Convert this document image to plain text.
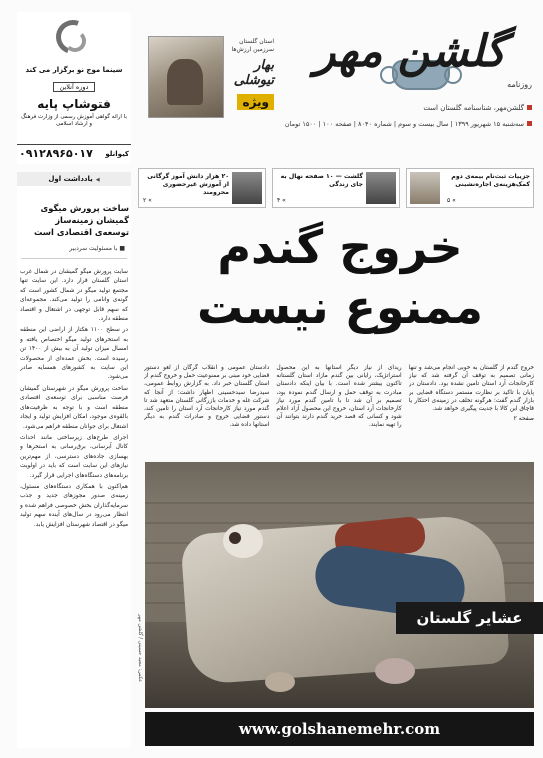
روزنامه
گلشن مهر
گلشن‌مهر، شناسنامه گلستان است
سه‌شنبه ۱۵ شهریور ۱۳۹۹ | سال بیست و سوم | شماره ۸۰۴۰ | صفحه ۱۰۰ | ۱۵۰۰ تومان
استان گلستان
سرزمین ارزش‌ها
بهار تیوشلی
ویژه
سینما موج نو برگزار می کند
دوره آنلاین
فتوشاپ پایه
با ارائه گواهی آموزش رسمی از وزارت فرهنگ و ارشاد اسلامی
کیوانلو
۰۹۱۲۸۹۶۵۰۱۷
۲۰ هزار دانش آموز گرگانی از آموزش غیرحضوری محرومند
» ۲
گلشت — ۱۰ صفحه نهال به جای زندگی
» ۴
جزییات ثبت‌نام بیمه‌ی دوم کمک‌هزینه‌ی اجاره‌نشینی
» ۵
◀ یادداشت اول
ساخت پرورش میگوی گمیشان زمینه‌ساز توسعه‌ی اقتصادی است
■ با مسئولیت سردبیر

سایت پرورش میگو گمیشان در شمال غرب استان گلستان قرار دارد. این سایت تنها مجتمع تولید میگو در شمال کشور است که گونه‌ی وانامی را تولید می‌کند. مجموعه‌ای که سهم قابل توجهی در اشتغال و اقتصاد منطقه دارد.

در سطح ۱۱۰۰ هکتار از اراضی این منطقه به استخرهای تولید میگو اختصاص یافته و امسال میزان تولید آن به بیش از ۱۴۰۰ تن رسیده است. بخش عمده‌ای از محصولات این سایت به کشورهای همسایه صادر می‌شود.

ساخت پرورش میگو در شهرستان گمیشان فرصت مناسبی برای توسعه‌ی اقتصادی منطقه است و با توجه به ظرفیت‌های بالقوه‌ی موجود، امکان افزایش تولید و ایجاد اشتغال برای جوانان منطقه فراهم می‌شود.

اجرای طرح‌های زیرساختی مانند احداث کانال آبرسانی، برق‌رسانی به استخرها و بهسازی جاده‌های دسترسی، از مهم‌ترین نیازهای این سایت است که باید در اولویت برنامه‌های دستگاه‌های اجرایی قرار گیرد.

هم‌اکنون با همکاری دستگاه‌های مسئول، زمینه‌ی صدور مجوزهای جدید و جذب سرمایه‌گذاران بخش خصوصی فراهم شده و انتظار می‌رود در سال‌های آینده سهم تولید میگو در اقتصاد شهرستان افزایش یابد.

خروج گندم
ممنوع نیست
دادستان عمومی و انقلاب گرگان از لغو دستور قضایی خود مبنی بر ممنوعیت حمل و خروج گندم از استان گلستان خبر داد. به گزارش روابط عمومی، سیدرضا سیدحسینی اظهار داشت: از آنجا که شرکت غله و خدمات بازرگانی گلستان متعهد شد تا گندم مورد نیاز کارخانجات آرد استان را تامین کند، دستور قضایی خروج و صادرات گندم به دیگر استانها داده شد.
ریدای از نیاز دیگر استانها به این محصول استراتژیک، رایانی بین گندم مازاد استان گلستانه تاکنون بیشتر شده است. با بیان اینکه دادستان مبادرت به توقف حمل و ارسال گندم نموده بود، تصمیم بر آن شد تا با تامین گندم مورد نیاز کارخانجات آرد استان، خروج این محصول آزاد اعلام شود و کسانی که قصد خرید گندم دارند بتوانند آن را تهیه نمایند.
خروج گندم از گلستان به خوبی انجام می‌شد و تنها زمانی تصمیم به توقف آن گرفته شد که نیاز کارخانجات آرد استان تامین نشده بود. دادستان در پایان با تاکید بر نظارت مستمر دستگاه قضایی بر بازار گندم گفت: هرگونه تخلف در زمینه‌ی احتکار یا قاچاق این کالا با جدیت پیگیری خواهد شد.
صفحه ۲
عکس: مجید حسینی / گلشن مهر	عشایر گلستان
www.golshanemehr.com
